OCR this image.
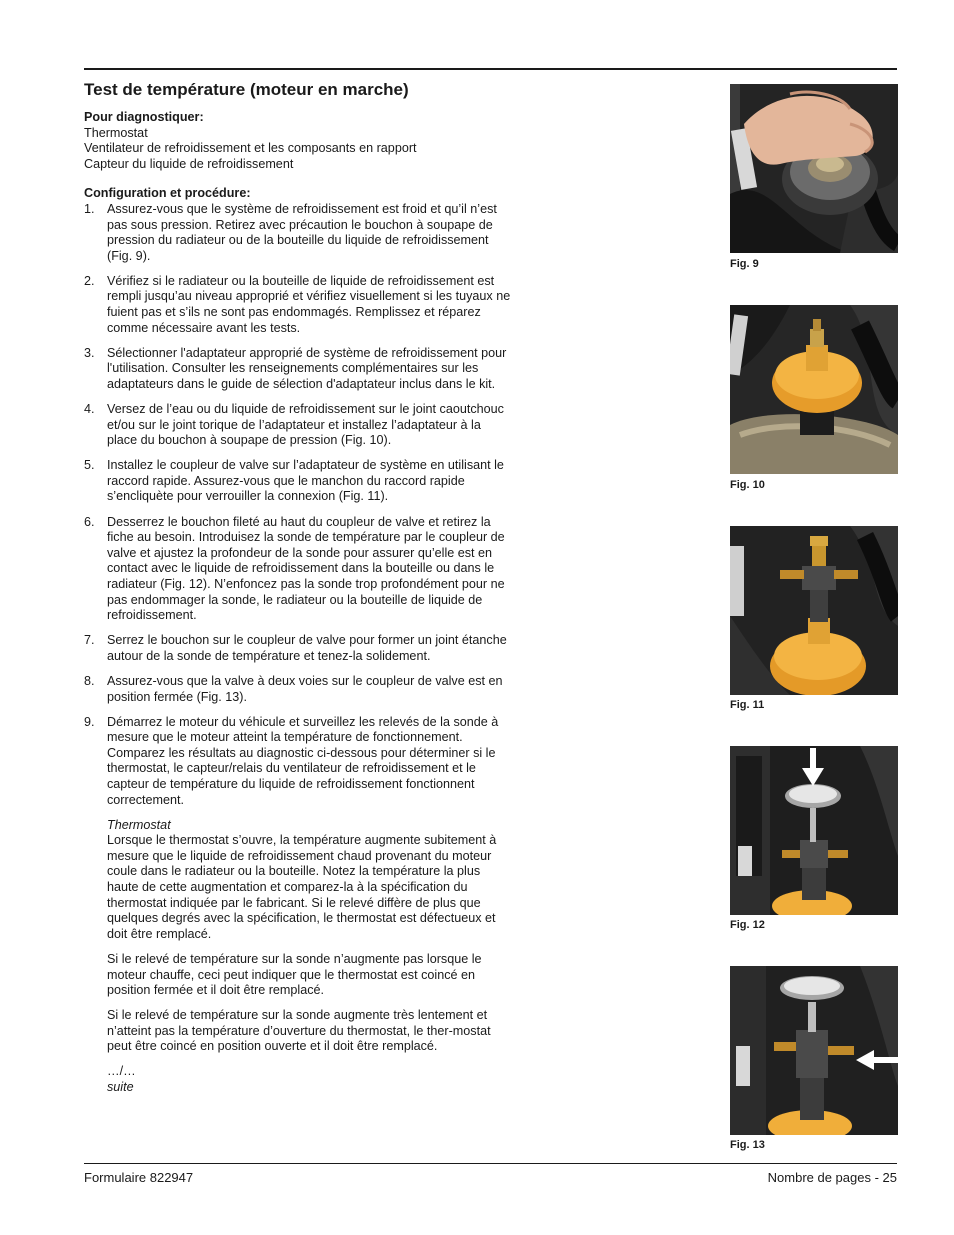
Test de température (moteur en marche)
Pour diagnostiquer:
Thermostat
Ventilateur de refroidissement et les composants en rapport
Capteur du liquide de refroidissement
Configuration et procédure:
1. Assurez-vous que le système de refroidissement est froid et qu’il n’est pas sous pression. Retirez avec précaution le bouchon à soupape de pression du radiateur ou de la bouteille du liquide de refroidissement (Fig. 9).
2. Vérifiez si le radiateur ou la bouteille de liquide de refroidissement est rempli jusqu’au niveau approprié et vérifiez visuellement si les tuyaux ne fuient pas et s’ils ne sont pas endommagés. Remplissez et réparez comme nécessaire avant les tests.
3. Sélectionner l'adaptateur approprié de système de refroidissement pour l'utilisation. Consulter les renseignements complémentaires sur les adaptateurs dans le guide de sélection d'adaptateur inclus dans le kit.
4. Versez de l’eau ou du liquide de refroidissement sur le joint caoutchouc et/ou sur le joint torique de l’adaptateur et installez l’adaptateur à la place du bouchon à soupape de pression (Fig. 10).
5. Installez le coupleur de valve sur l’adaptateur de système en utilisant le raccord rapide. Assurez-vous que le manchon du raccord rapide s’encliquète pour verrouiller la connexion (Fig. 11).
6. Desserrez le bouchon fileté au haut du coupleur de valve et retirez la fiche au besoin. Introduisez la sonde de température par le coupleur de valve et ajustez la profondeur de la sonde pour assurer qu’elle est en contact avec le liquide de refroidissement dans la bouteille ou dans le radiateur (Fig. 12). N’enfoncez pas la sonde trop profondément pour ne pas endommager la sonde, le radiateur ou la bouteille de liquide de refroidissement.
7. Serrez le bouchon sur le coupleur de valve pour former un joint étanche autour de la sonde de température et tenez-la solidement.
8. Assurez-vous que la valve à deux voies sur le coupleur de valve est en position fermée (Fig. 13).
9. Démarrez le moteur du véhicule et surveillez les relevés de la sonde à mesure que le moteur atteint la température de fonctionnement. Comparez les résultats au diagnostic ci-dessous pour déterminer si le thermostat, le capteur/relais du ventilateur de refroidissement et le capteur de température du liquide de refroidissement fonctionnent correctement.
Thermostat
Lorsque le thermostat s’ouvre, la température augmente subitement à mesure que le liquide de refroidissement chaud provenant du moteur coule dans le radiateur ou la bouteille. Notez la température la plus haute de cette augmentation et comparez-la à la spécification du thermostat indiquée par le fabricant. Si le relevé diffère de plus que quelques degrés avec la spécification, le thermostat est défectueux et doit être remplacé.
Si le relevé de température sur la sonde n’augmente pas lorsque le moteur chauffe, ceci peut indiquer que le thermostat est coincé en position fermée et il doit être remplacé.
Si le relevé de température sur la sonde augmente très lentement et n’atteint pas la température d’ouverture du thermostat, le ther-mostat peut être coincé en position ouverte et il doit être remplacé.
…/…
suite
Fig. 9
Fig. 10
Fig. 11
Fig. 12
Fig. 13
Formulaire 822947	Nombre de pages - 25
